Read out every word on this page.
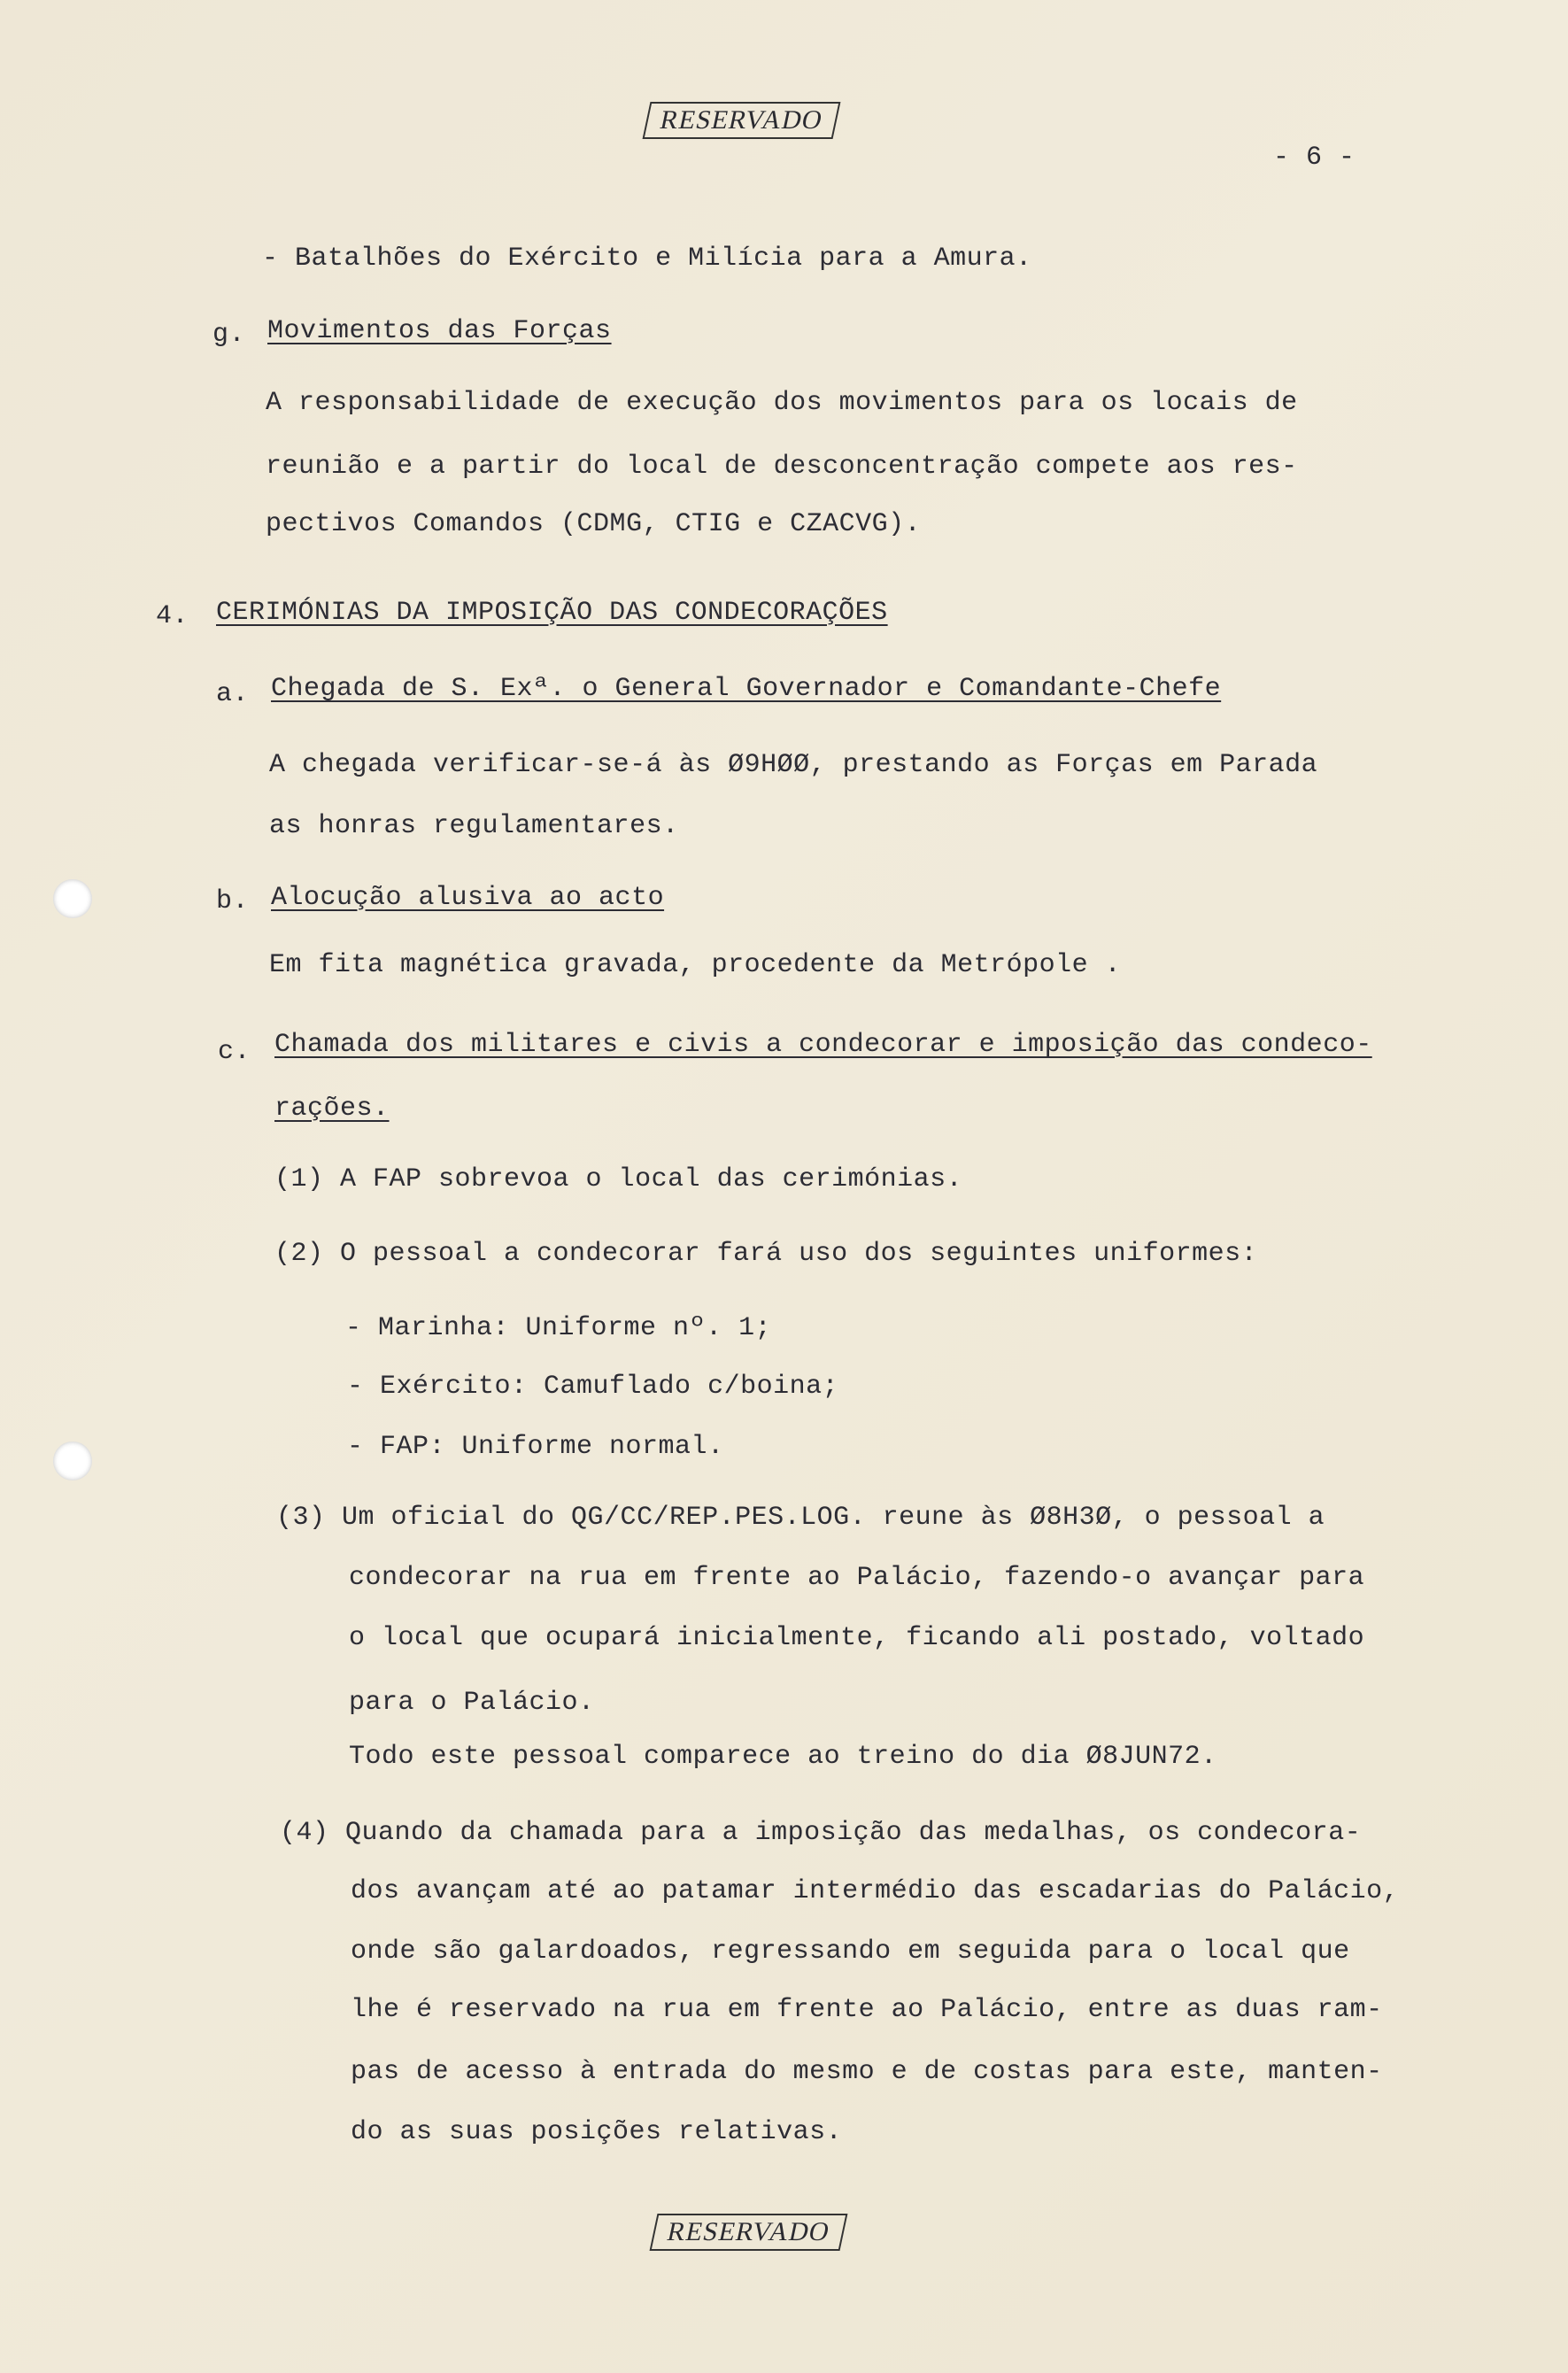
RESERVADO
- 6 -
- Batalhões do Exército e Milícia para a Amura.
g. Movimentos das Forças
A responsabilidade de execução dos movimentos para os locais de
reunião e a partir do local de desconcentração compete aos res-
pectivos Comandos (CDMG, CTIG e CZACVG).
4. CERIMÓNIAS DA IMPOSIÇÃO DAS CONDECORAÇÕES
a. Chegada de S. Exª. o General Governador e Comandante-Chefe
A chegada verificar-se-á às Ø9HØØ, prestando as Forças em Parada
as honras regulamentares.
b. Alocução alusiva ao acto
Em fita magnética gravada, procedente da Metrópole .
c. Chamada dos militares e civis a condecorar e imposição das condeco-
rações.
(1) A FAP sobrevoa o local das cerimónias.
(2) O pessoal a condecorar fará uso dos seguintes uniformes:
- Marinha: Uniforme nº. 1;
- Exército: Camuflado c/boina;
- FAP: Uniforme normal.
(3) Um oficial do QG/CC/REP.PES.LOG. reune às Ø8H3Ø, o pessoal a
condecorar na rua em frente ao Palácio, fazendo-o avançar para
o local que ocupará inicialmente, ficando ali postado, voltado
para o Palácio.
Todo este pessoal comparece ao treino do dia Ø8JUN72.
(4) Quando da chamada para a imposição das medalhas, os condecora-
dos avançam até ao patamar intermédio das escadarias do Palácio,
onde são galardoados, regressando em seguida para o local que
lhe é reservado na rua em frente ao Palácio, entre as duas ram-
pas de acesso à entrada do mesmo e de costas para este, manten-
do as suas posições relativas.
RESERVADO
